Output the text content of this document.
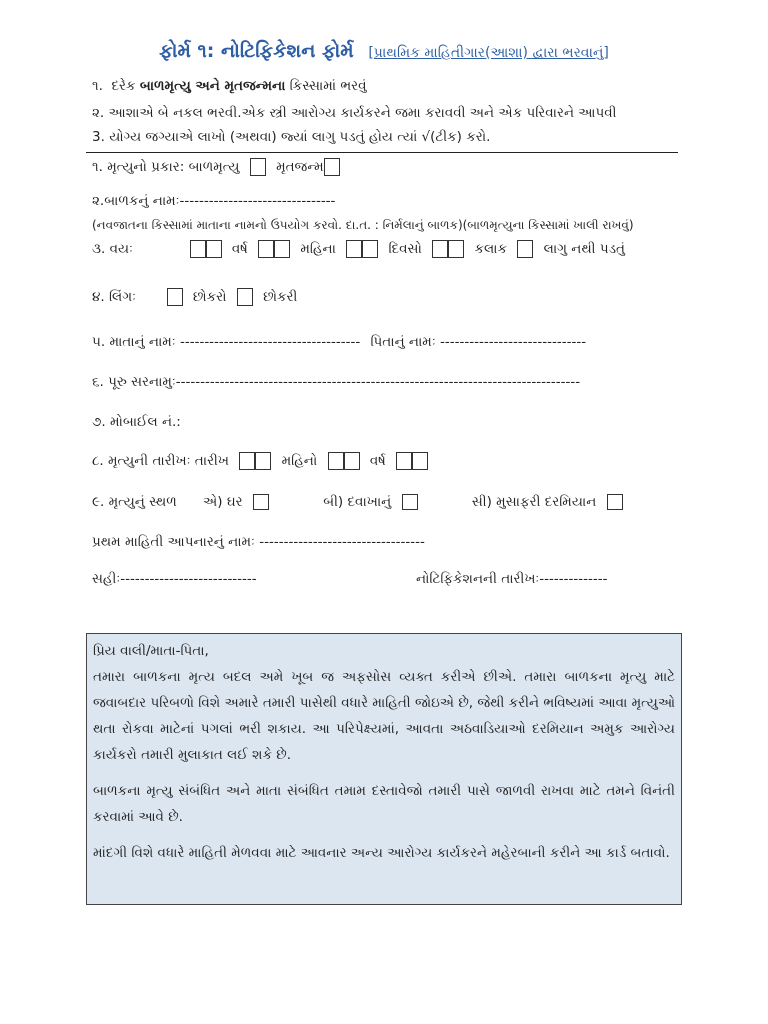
ફોર્મ ૧: નોટિફિકેશન ફોર્મ [પ્રાથમિક માહિતીગાર(આશા) દ્વારા ભરવાનું]
૧. દરેક બાળમૃત્યુ અને મૃતજન્મના કિસ્સામાં ભરવું
૨. આશાએ બે નકલ ભરવી.એક સ્ત્રી આરોગ્ય કાર્યકરને જમા કરાવવી અને એક પરિવારને આપવી
3. યોગ્ય જગ્યાએ લાખો (અથવા) જ્યાં લાગુ પડતું હોય ત્યાં √(ટીક) કરો.
૧. મૃત્યુનો પ્રકાર: બાળમૃત્યુ	મૃતજન્મ
૨.બાળકનું નામઃ--------------------------------
(નવજાતના કિસ્સામાં માતાના નામનો ઉપયોગ કરવો. દા.ત. : નિર્મલાનું બાળક)(બાળમૃત્યુના કિસ્સામાં ખાલી રાખવું)
૩. વયઃ	વર્ષ	મહિના	દિવસો	કલાક	લાગુ નથી પડતું
૪. લિંગઃ	છોકરો	છોકરી
૫. માતાનું નામઃ ------------------------------------- પિતાનું નામઃ ------------------------------
૬. પૂરુ સરનામુઃ-----------------------------------------------------------------------------------
૭. મોબાઈલ નં.:
૮. મૃત્યુની તારીખઃ તારીખ	મહિનો	વર્ષ
૯. મૃત્યુનું સ્થળ એ) ઘર	બી) દવાખાનું	સી) મુસાફરી દરમિયાન
પ્રથમ માહિતી આપનારનું નામઃ ----------------------------------
સહીઃ----------------------------	નોટિફિકેશનની તારીખઃ--------------
પ્રિય વાલી/માતા-પિતા,

તમારા બાળકના મૃત્ય બદલ અમે ખૂબ જ અફસોસ વ્યક્ત કરીએ છીએ. તમારા બાળકના મૃત્યુ માટે જવાબદાર પરિબળો વિશે અમારે તમારી પાસેથી વધારે માહિતી જોઇએ છે, જેથી કરીને ભવિષ્યમાં આવા મૃત્યુઓ થતા રોકવા માટેનાં પગલાં ભરી શકાય. આ પરિપેક્ષ્યમાં, આવતા અઠવાડિયાઓ દરમિયાન અમુક આરોગ્ય કાર્યકરો તમારી મુલાકાત લઈ શકે છે.

બાળકના મૃત્યુ સંબંધિત અને માતા સંબંધિત તમામ દસ્તાવેજો તમારી પાસે જાળવી રાખવા માટે તમને વિનંતી કરવામાં આવે છે.

માંદગી વિશે વધારે માહિતી મેળવવા માટે આવનાર અન્ય આરોગ્ય કાર્યકરને મહેરબાની કરીને આ કાર્ડ બતાવો.
